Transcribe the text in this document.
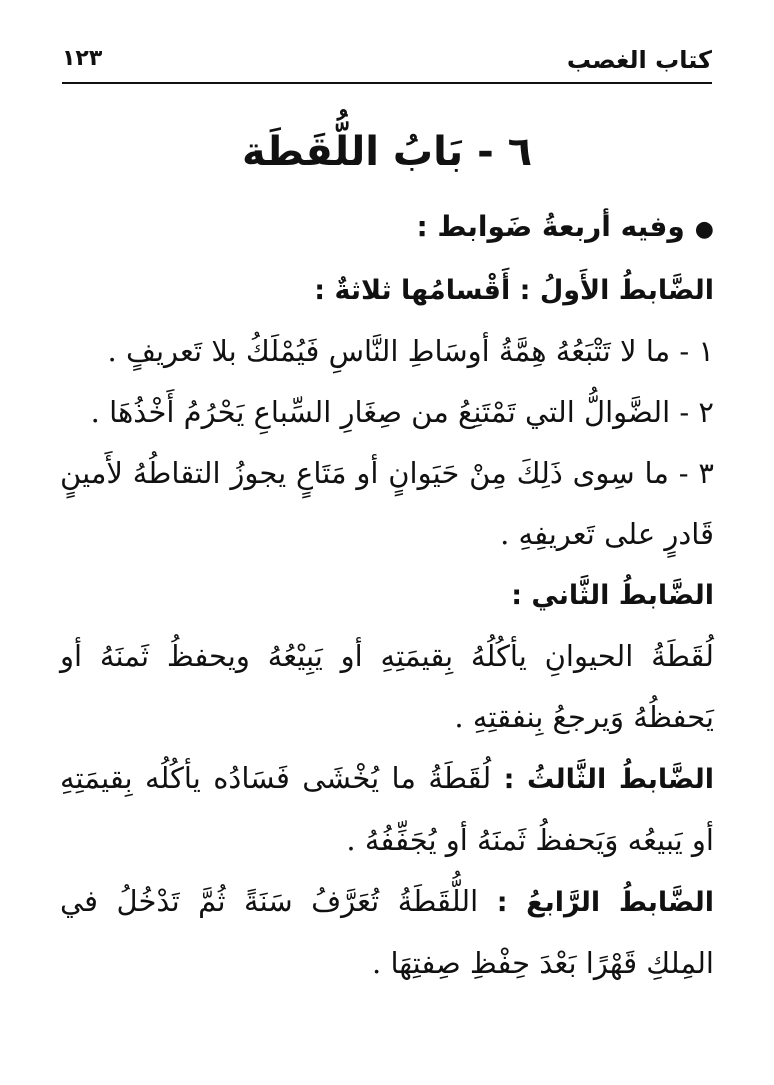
كتاب الغصب
١٢٣
٦ - بَابُ اللُّقَطَة

●وفيه أربعةُ ضَوابط :

الضَّابطُ الأَولُ : أَقْسامُها ثلاثةٌ :

١ - ما لا تَتْبَعُهُ هِمَّةُ أوسَاطِ النَّاسِ فَيُمْلَكُ بلا تَعريفٍ .

٢ - الضَّوالُّ التي تَمْتَنِعُ من صِغَارِ السِّباعِ يَحْرُمُ أَخْذُهَا .

٣ - ما سِوى ذَلِكَ مِنْ حَيَوانٍ أو مَتَاعٍ يجوزُ التقاطُهُ لأَمينٍ قَادرٍ على تَعريفِهِ .

الضَّابطُ الثَّاني :

لُقَطَةُ الحيوانِ يأكُلُهُ بِقيمَتِهِ أو يَبِيْعُهُ ويحفظُ ثَمنَهُ أو يَحفظُهُ وَيرجعُ بِنفقتِهِ .

الضَّابطُ الثَّالثُ : لُقَطَةُ ما يُخْشَى فَسَادُه يأكُلُه بِقيمَتِهِ أو يَبيعُه وَيَحفظُ ثَمنَهُ أو يُجَفِّفُهُ .

الضَّابطُ الرَّابعُ : اللُّقَطَةُ تُعَرَّفُ سَنَةً ثُمَّ تَدْخُلُ في المِلكِ قَهْرًا بَعْدَ حِفْظِ صِفتِهَا .
